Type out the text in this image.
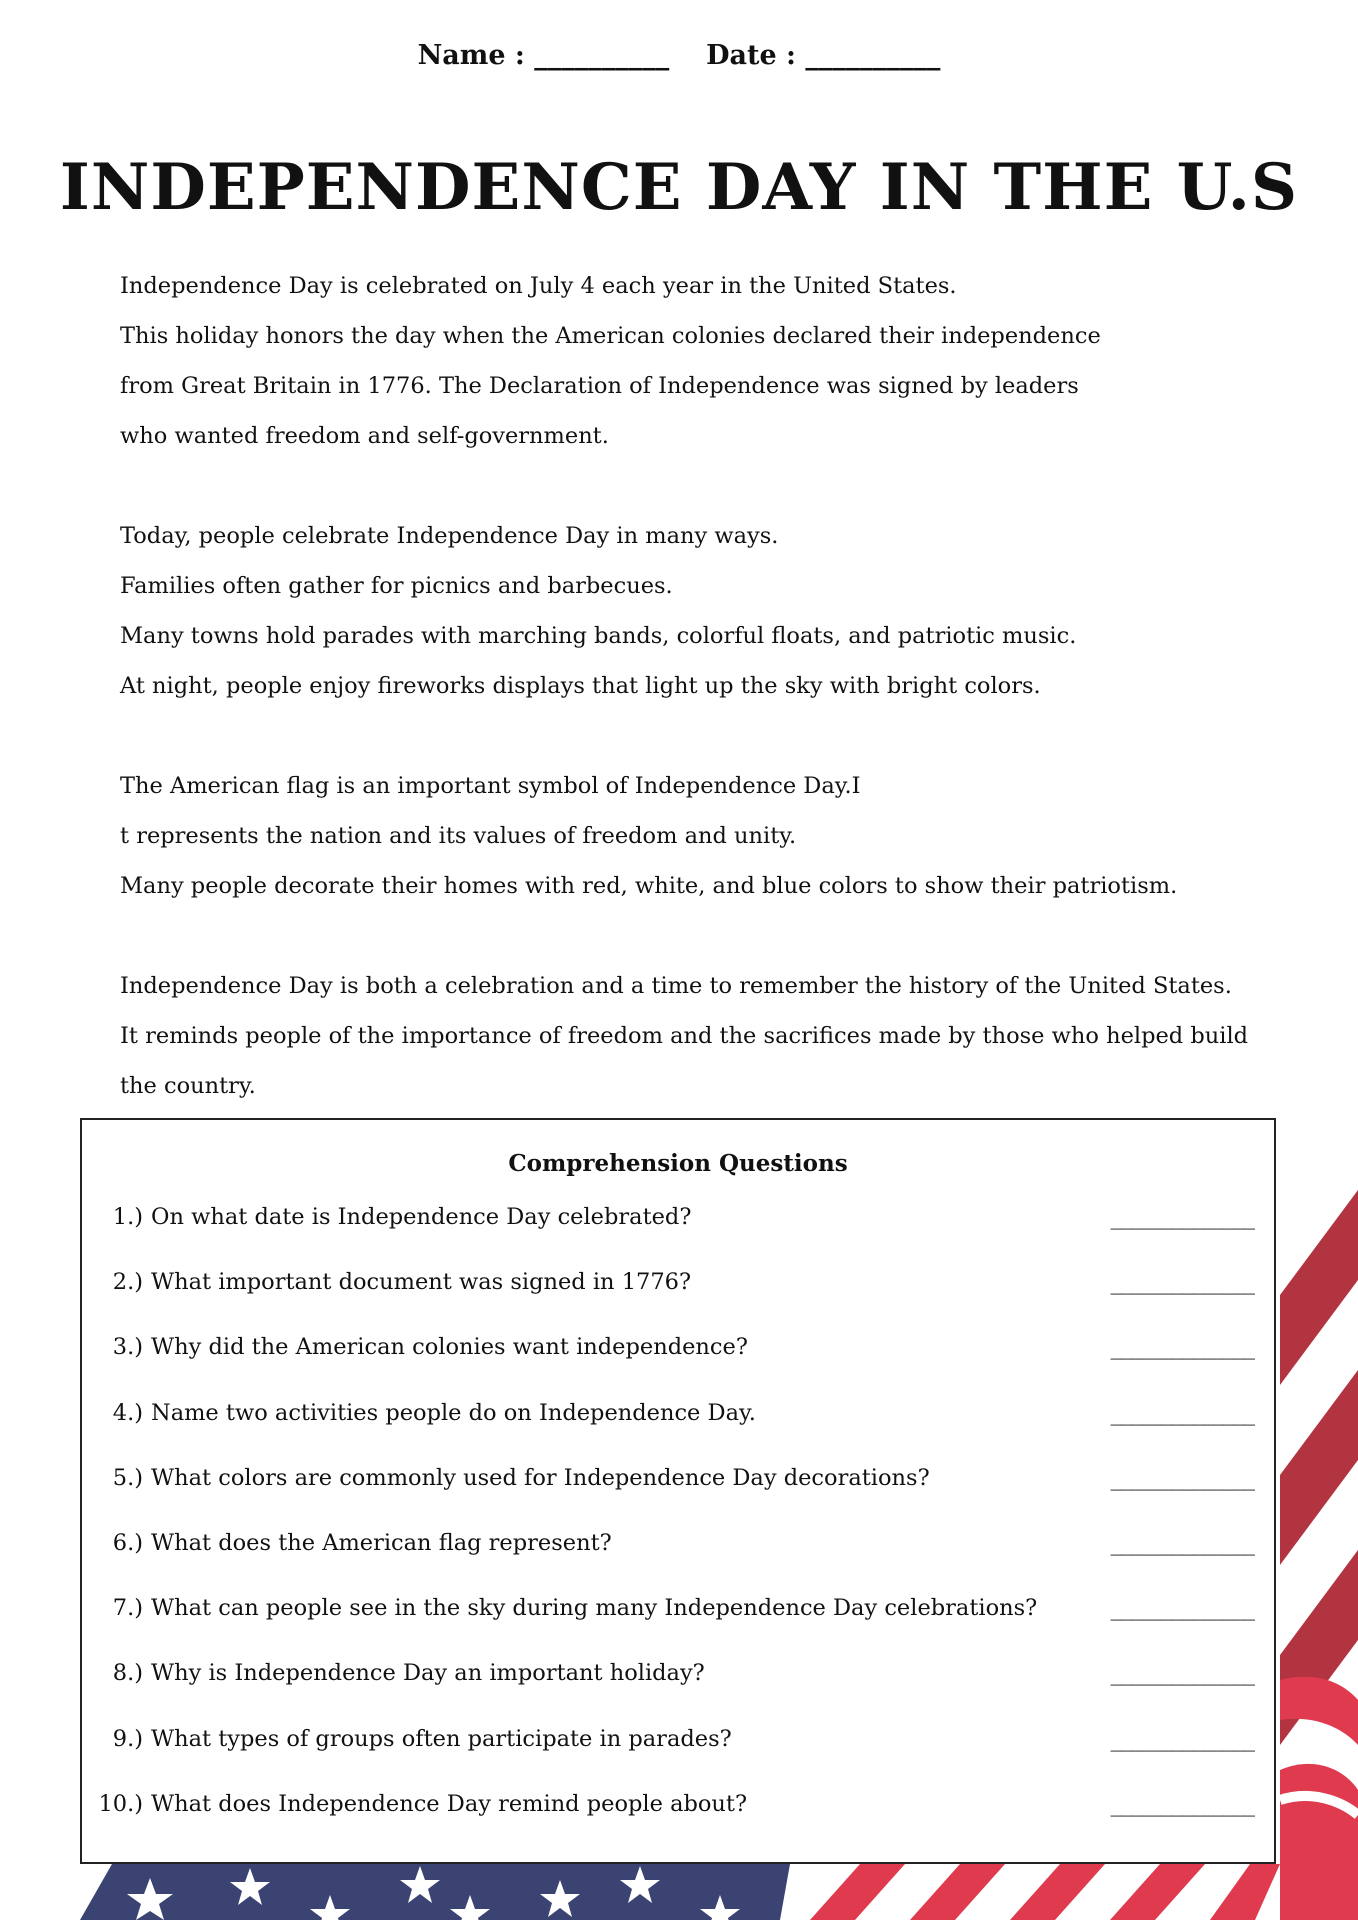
Name : __________ Date : __________
INDEPENDENCE DAY IN THE U.S

Independence Day is celebrated on July 4 each year in the United States.

This holiday honors the day when the American colonies declared their independence

from Great Britain in 1776. The Declaration of Independence was signed by leaders

who wanted freedom and self-government.

Today, people celebrate Independence Day in many ways.

Families often gather for picnics and barbecues.

Many towns hold parades with marching bands, colorful floats, and patriotic music.

At night, people enjoy fireworks displays that light up the sky with bright colors.

The American flag is an important symbol of Independence Day.I

t represents the nation and its values of freedom and unity.

Many people decorate their homes with red, white, and blue colors to show their patriotism.

Independence Day is both a celebration and a time to remember the history of the United States.

It reminds people of the importance of freedom and the sacrifices made by those who helped build

the country.

Comprehension Questions
1.) On what date is Independence Day celebrated?	______________
2.) What important document was signed in 1776?	______________
3.) Why did the American colonies want independence?	______________
4.) Name two activities people do on Independence Day.	______________
5.) What colors are commonly used for Independence Day decorations?	______________
6.) What does the American flag represent?	______________
7.) What can people see in the sky during many Independence Day celebrations?	______________
8.) Why is Independence Day an important holiday?	______________
9.) What types of groups often participate in parades?	______________
10.) What does Independence Day remind people about?	______________
